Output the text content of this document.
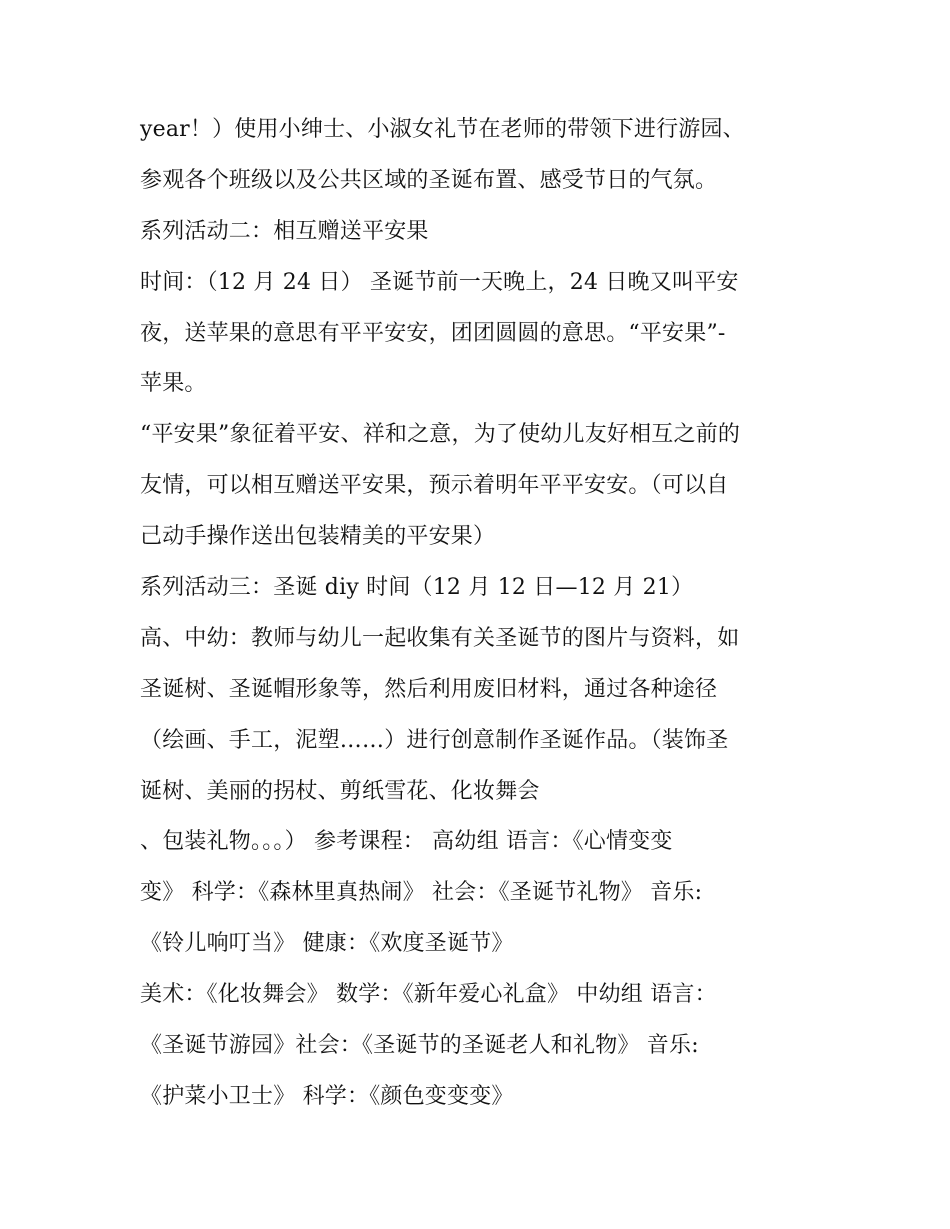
year！）使用小绅士、小淑女礼节在老师的带领下进行游园、
参观各个班级以及公共区域的圣诞布置、感受节日的气氛。
系列活动二：相互赠送平安果
时间：（12 月 24 日） 圣诞节前一天晚上，24 日晚又叫平安
夜，送苹果的意思有平平安安，团团圆圆的意思。“平安果”-
苹果。
“平安果”象征着平安、祥和之意，为了使幼儿友好相互之前的
友情，可以相互赠送平安果，预示着明年平平安安。（可以自
己动手操作送出包装精美的平安果）
系列活动三：圣诞 diy 时间（12 月 12 日—12 月 21）
高、中幼：教师与幼儿一起收集有关圣诞节的图片与资料，如
圣诞树、圣诞帽形象等，然后利用废旧材料，通过各种途径
（绘画、手工，泥塑……）进行创意制作圣诞作品。（装饰圣
诞树、美丽的拐杖、剪纸雪花、化妆舞会
、包装礼物。。。） 参考课程： 高幼组 语言：《心情变变
变》 科学：《森林里真热闹》 社会：《圣诞节礼物》 音乐:
《铃儿响叮当》 健康：《欢度圣诞节》
美术：《化妆舞会》 数学：《新年爱心礼盒》 中幼组 语言：
《圣诞节游园》社会：《圣诞节的圣诞老人和礼物》 音乐:
《护菜小卫士》 科学：《颜色变变变》
